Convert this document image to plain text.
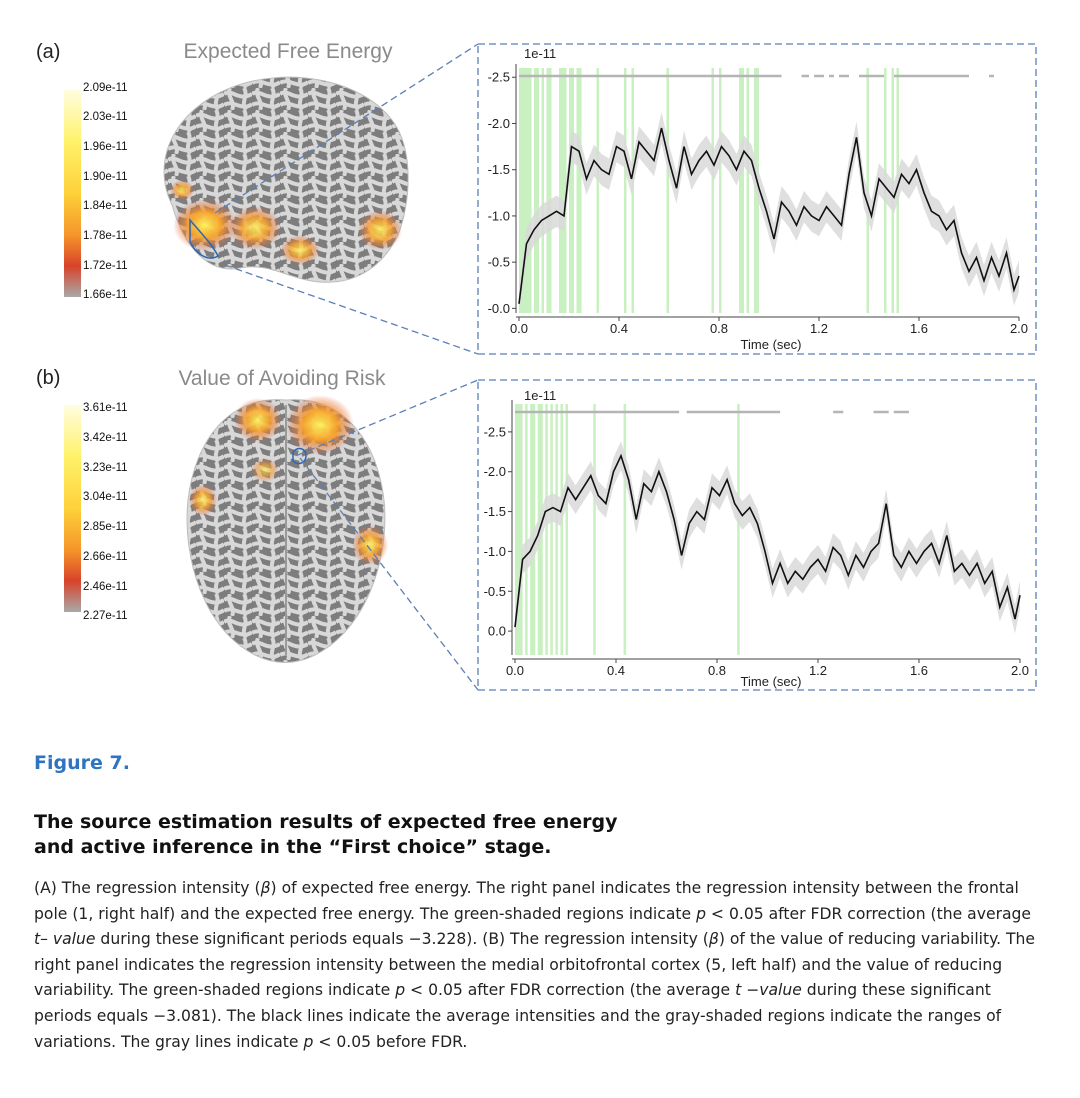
(a)	Expected Free Energy
2.09e-11
2.03e-11
1.96e-11
1.90e-11
1.84e-11
1.78e-11
1.72e-11
1.66e-11
0.0	0.4	0.8	1.2	1.6	2.0
-2.5
-2.0
-1.5
-1.0
-0.5
-0.0
1e-11
Time (sec)
(b)	Value of Avoiding Risk
3.61e-11
3.42e-11
3.23e-11
3.04e-11
2.85e-11
2.66e-11
2.46e-11
2.27e-11
0.0	0.4	0.8	1.2	1.6	2.0
-2.5
-2.0
-1.5
-1.0
-0.5
0.0
1e-11
Time (sec)

Figure 7.

The source estimation results of expected free energy and active inference in the “First choice” stage.

(A) The regression intensity (β) of expected free energy. The right panel indicates the regression intensity between the frontal pole (1, right half) and the expected free energy. The green-shaded regions indicate p < 0.05 after FDR correction (the average t– value during these significant periods equals −3.228). (B) The regression intensity (β) of the value of reducing variability. The right panel indicates the regression intensity between the medial orbitofrontal cortex (5, left half) and the value of reducing variability. The green-shaded regions indicate p < 0.05 after FDR correction (the average t −value during these significant periods equals −3.081). The black lines indicate the average intensities and the gray-shaded regions indicate the ranges of variations. The gray lines indicate p < 0.05 before FDR.
